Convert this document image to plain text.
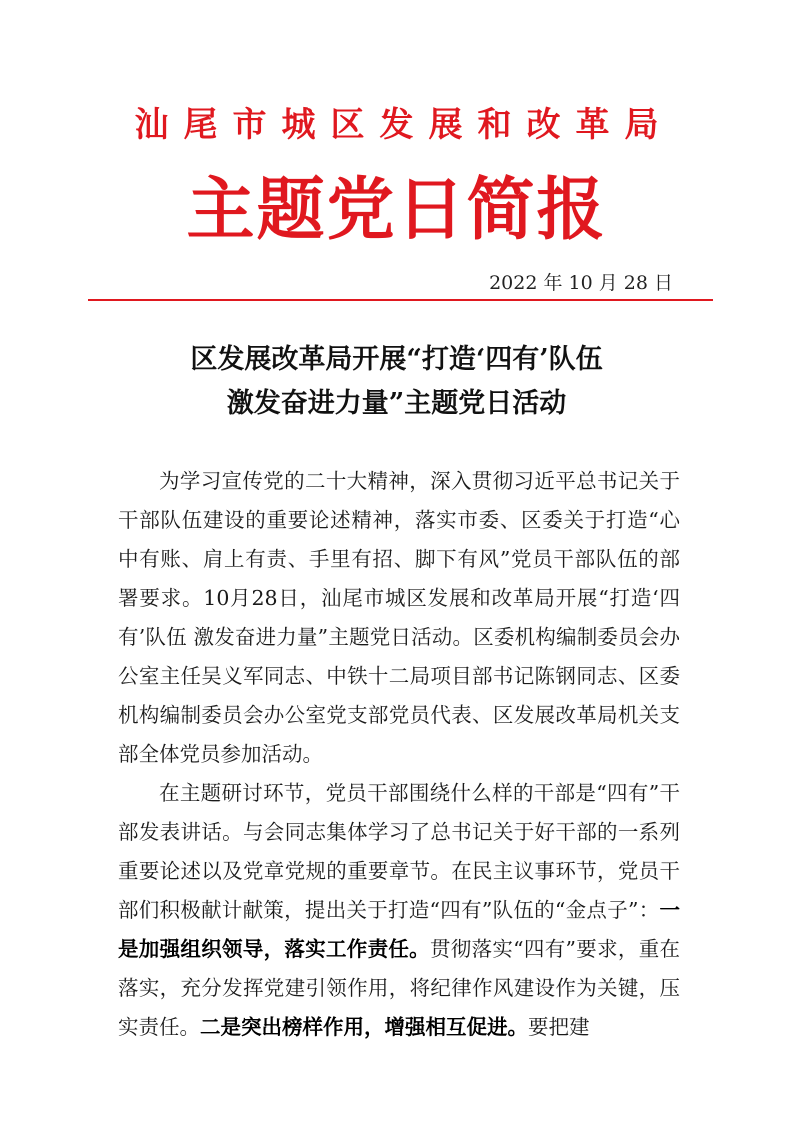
汕尾市城区发展和改革局
主题党日简报
2022 年 10 月 28 日
区发展改革局开展“打造‘四有’队伍
激发奋进力量”主题党日活动

为学习宣传党的二十大精神，深入贯彻习近平总书记关于干部队伍建设的重要论述精神，落实市委、区委关于打造“心中有账、肩上有责、手里有招、脚下有风”党员干部队伍的部署要求。10月28日，汕尾市城区发展和改革局开展“打造‘四有’队伍 激发奋进力量”主题党日活动。区委机构编制委员会办公室主任吴义军同志、中铁十二局项目部书记陈钢同志、区委机构编制委员会办公室党支部党员代表、区发展改革局机关支部全体党员参加活动。

在主题研讨环节，党员干部围绕什么样的干部是“四有”干部发表讲话。与会同志集体学习了总书记关于好干部的一系列重要论述以及党章党规的重要章节。在民主议事环节，党员干部们积极献计献策，提出关于打造“四有”队伍的“金点子”：一是加强组织领导，落实工作责任。贯彻落实“四有”要求，重在落实，充分发挥党建引领作用，将纪律作风建设作为关键，压实责任。二是突出榜样作用，增强相互促进。要把建
